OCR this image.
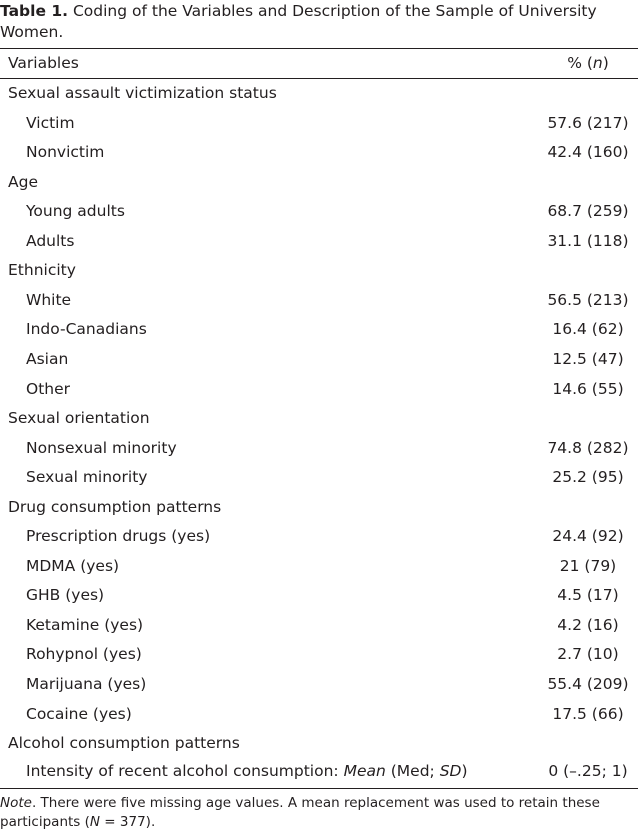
Table 1. Coding of the Variables and Description of the Sample of University Women.
Variables	% (n)
Sexual assault victimization status
Victim	57.6 (217)
Nonvictim	42.4 (160)
Age
Young adults	68.7 (259)
Adults	31.1 (118)
Ethnicity
White	56.5 (213)
Indo-Canadians	16.4 (62)
Asian	12.5 (47)
Other	14.6 (55)
Sexual orientation
Nonsexual minority	74.8 (282)
Sexual minority	25.2 (95)
Drug consumption patterns
Prescription drugs (yes)	24.4 (92)
MDMA (yes)	21 (79)
GHB (yes)	4.5 (17)
Ketamine (yes)	4.2 (16)
Rohypnol (yes)	2.7 (10)
Marijuana (yes)	55.4 (209)
Cocaine (yes)	17.5 (66)
Alcohol consumption patterns
Intensity of recent alcohol consumption: Mean (Med; SD)	0 (–.25; 1)
Note. There were five missing age values. A mean replacement was used to retain these participants (N = 377).
